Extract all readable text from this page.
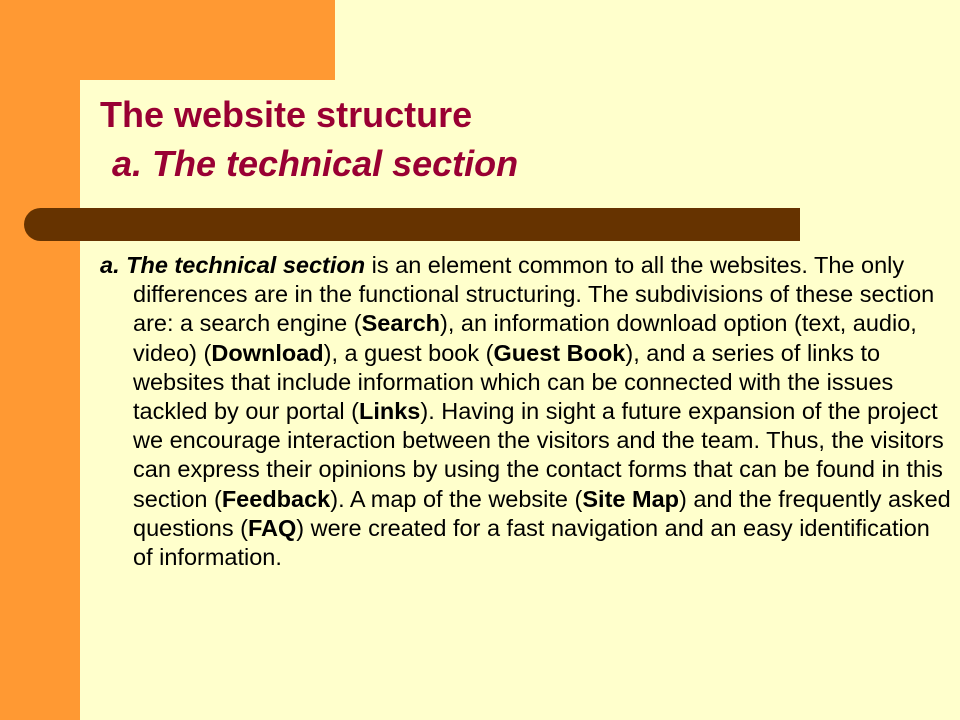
The website structure
a. The technical section

a. The technical section is an element common to all the websites. The only differences are in the functional structuring. The subdivisions of these section are: a search engine (Search), an information download option (text, audio, video) (Download), a guest book (Guest Book), and a series of links to websites that include information which can be connected with the issues tackled by our portal (Links). Having in sight a future expansion of the project we encourage interaction between the visitors and the team. Thus, the visitors can express their opinions by using the contact forms that can be found in this section (Feedback). A map of the website (Site Map) and the frequently asked questions (FAQ) were created for a fast navigation and an easy identification of information.
